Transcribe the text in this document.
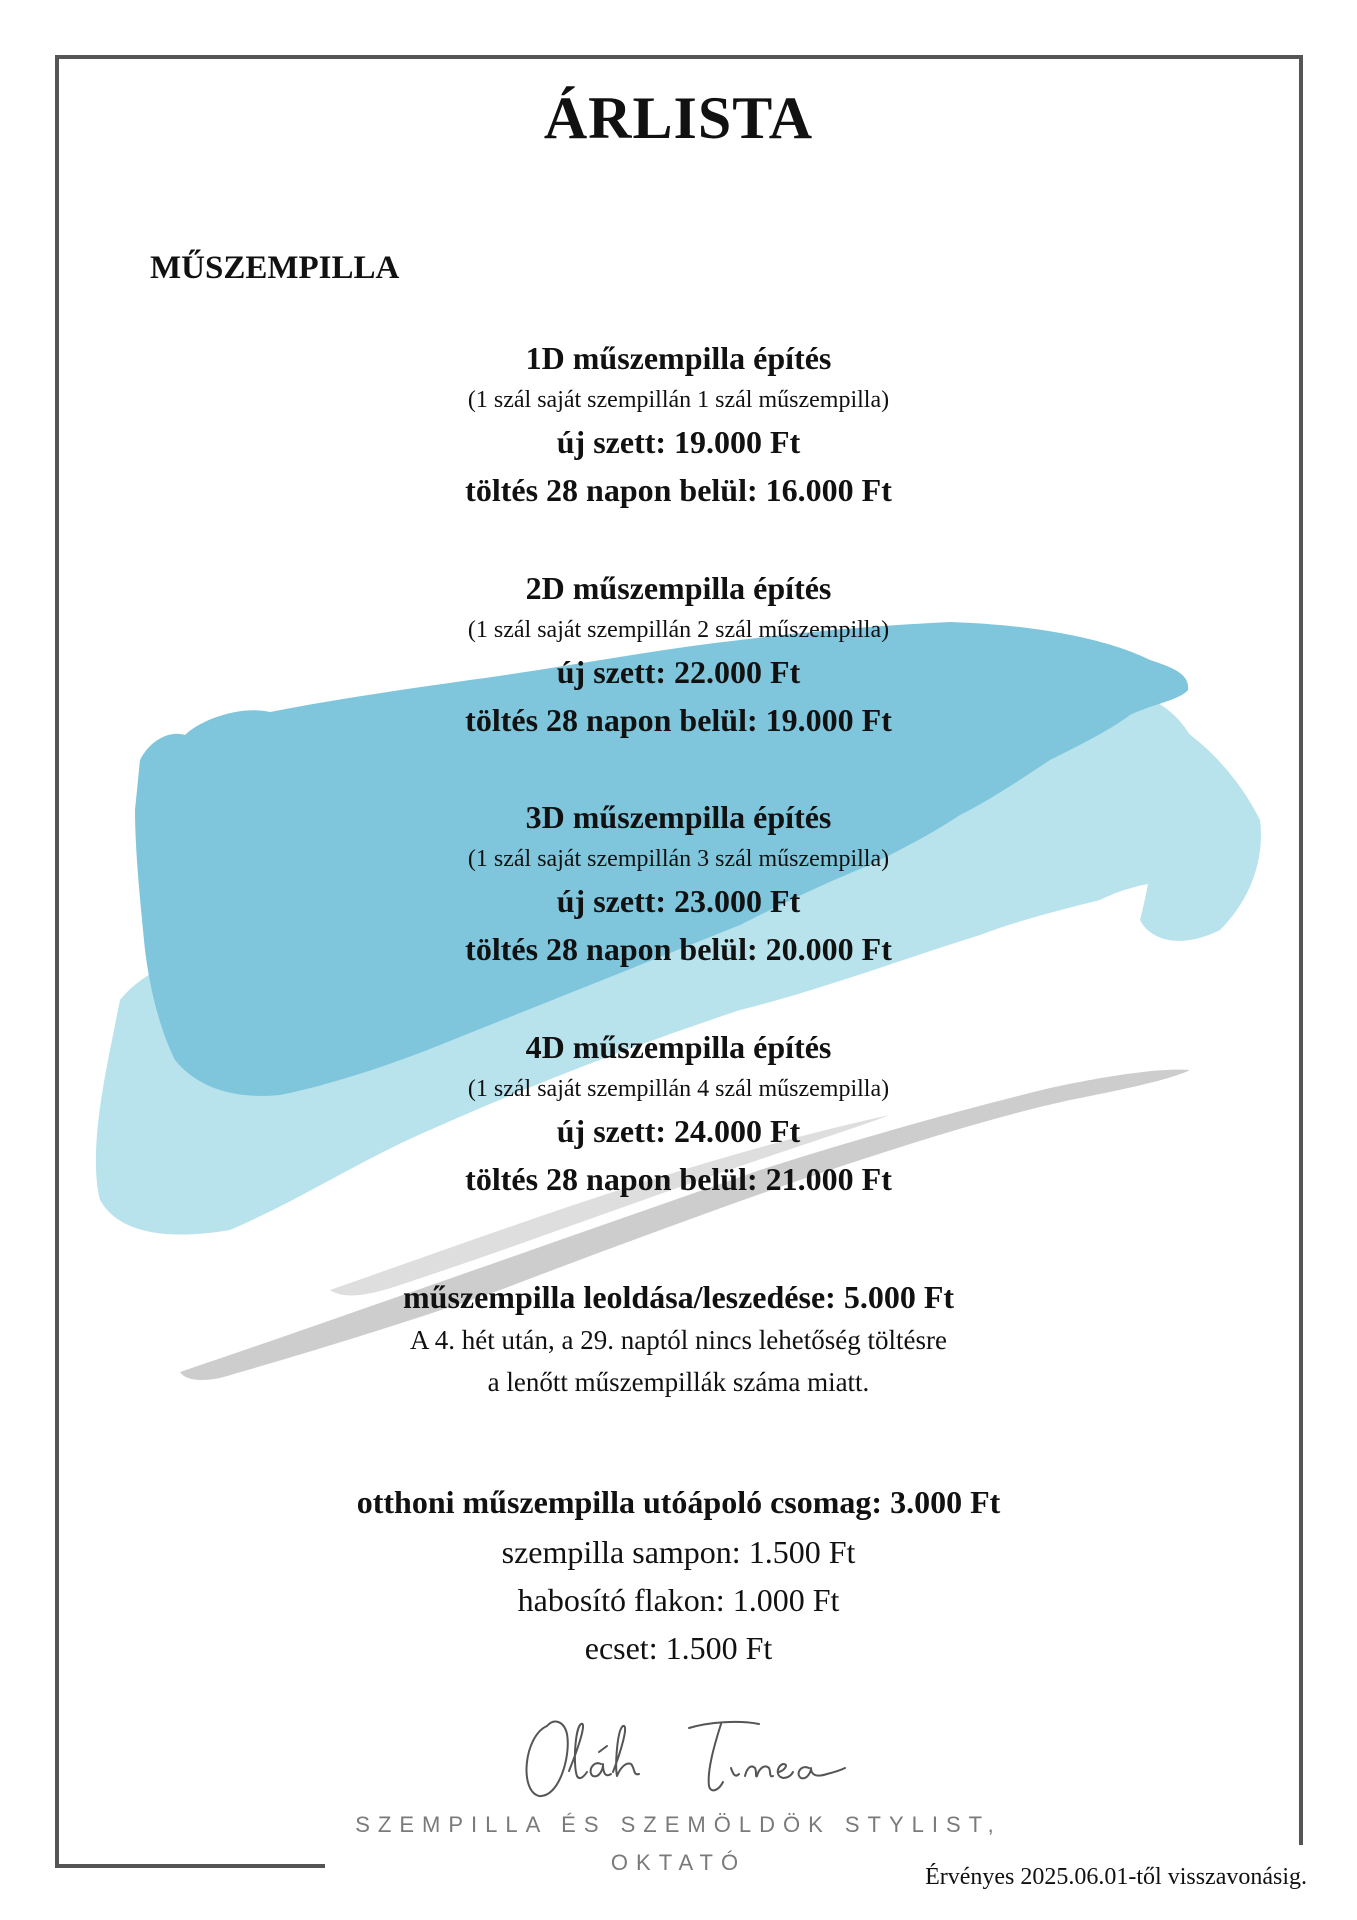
ÁRLISTA
MŰSZEMPILLA
1D műszempilla építés
(1 szál saját szempillán 1 szál műszempilla)
új szett: 19.000 Ft
töltés 28 napon belül: 16.000 Ft
2D műszempilla építés
(1 szál saját szempillán 2 szál műszempilla)
új szett: 22.000 Ft
töltés 28 napon belül: 19.000 Ft
3D műszempilla építés
(1 szál saját szempillán 3 szál műszempilla)
új szett: 23.000 Ft
töltés 28 napon belül: 20.000 Ft
4D műszempilla építés
(1 szál saját szempillán 4 szál műszempilla)
új szett: 24.000 Ft
töltés 28 napon belül: 21.000 Ft
műszempilla leoldása/leszedése: 5.000 Ft
A 4. hét után, a 29. naptól nincs lehetőség töltésre
a lenőtt műszempillák száma miatt.
otthoni műszempilla utóápoló csomag: 3.000 Ft
szempilla sampon: 1.500 Ft
habosító flakon: 1.000 Ft
ecset: 1.500 Ft
SZEMPILLA ÉS SZEMÖLDÖK STYLIST,
OKTATÓ
Érvényes 2025.06.01-től visszavonásig.
